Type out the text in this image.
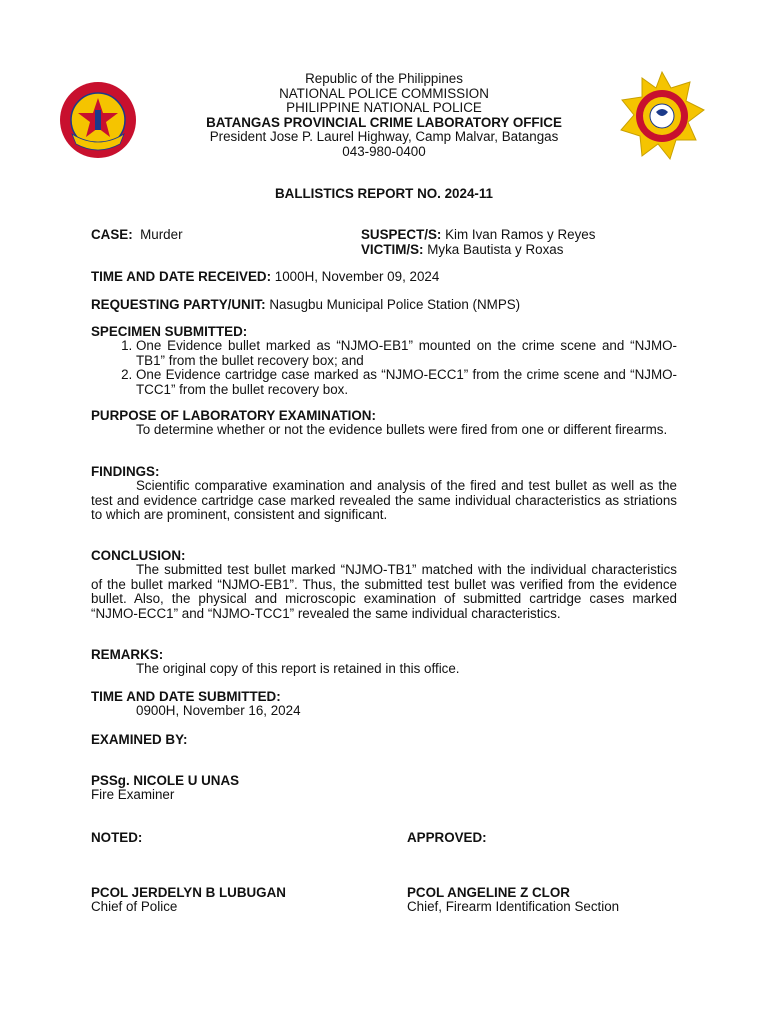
Republic of the Philippines
NATIONAL POLICE COMMISSION
PHILIPPINE NATIONAL POLICE
BATANGAS PROVINCIAL CRIME LABORATORY OFFICE
President Jose P. Laurel Highway, Camp Malvar, Batangas
043-980-0400
BALLISTICS REPORT NO. 2024-11
CASE: Murder	SUSPECT/S: Kim Ivan Ramos y Reyes
VICTIM/S: Myka Bautista y Roxas
TIME AND DATE RECEIVED: 1000H, November 09, 2024
REQUESTING PARTY/UNIT: Nasugbu Municipal Police Station (NMPS)
SPECIMEN SUBMITTED:
1. One Evidence bullet marked as “NJMO-EB1” mounted on the crime scene and “NJMO-TB1” from the bullet recovery box; and
2. One Evidence cartridge case marked as “NJMO-ECC1” from the crime scene and “NJMO-TCC1” from the bullet recovery box.
PURPOSE OF LABORATORY EXAMINATION:
To determine whether or not the evidence bullets were fired from one or different firearms.
FINDINGS:
Scientific comparative examination and analysis of the fired and test bullet as well as the test and evidence cartridge case marked revealed the same individual characteristics as striations to which are prominent, consistent and significant.
CONCLUSION:
The submitted test bullet marked “NJMO-TB1” matched with the individual characteristics of the bullet marked “NJMO-EB1”. Thus, the submitted test bullet was verified from the evidence bullet. Also, the physical and microscopic examination of submitted cartridge cases marked “NJMO-ECC1” and “NJMO-TCC1” revealed the same individual characteristics.
REMARKS:
The original copy of this report is retained in this office.
TIME AND DATE SUBMITTED:
0900H, November 16, 2024
EXAMINED BY:
PSSg. NICOLE U UNAS
Fire Examiner
NOTED:	APPROVED:
PCOL JERDELYN B LUBUGAN
Chief of Police
PCOL ANGELINE Z CLOR
Chief, Firearm Identification Section
